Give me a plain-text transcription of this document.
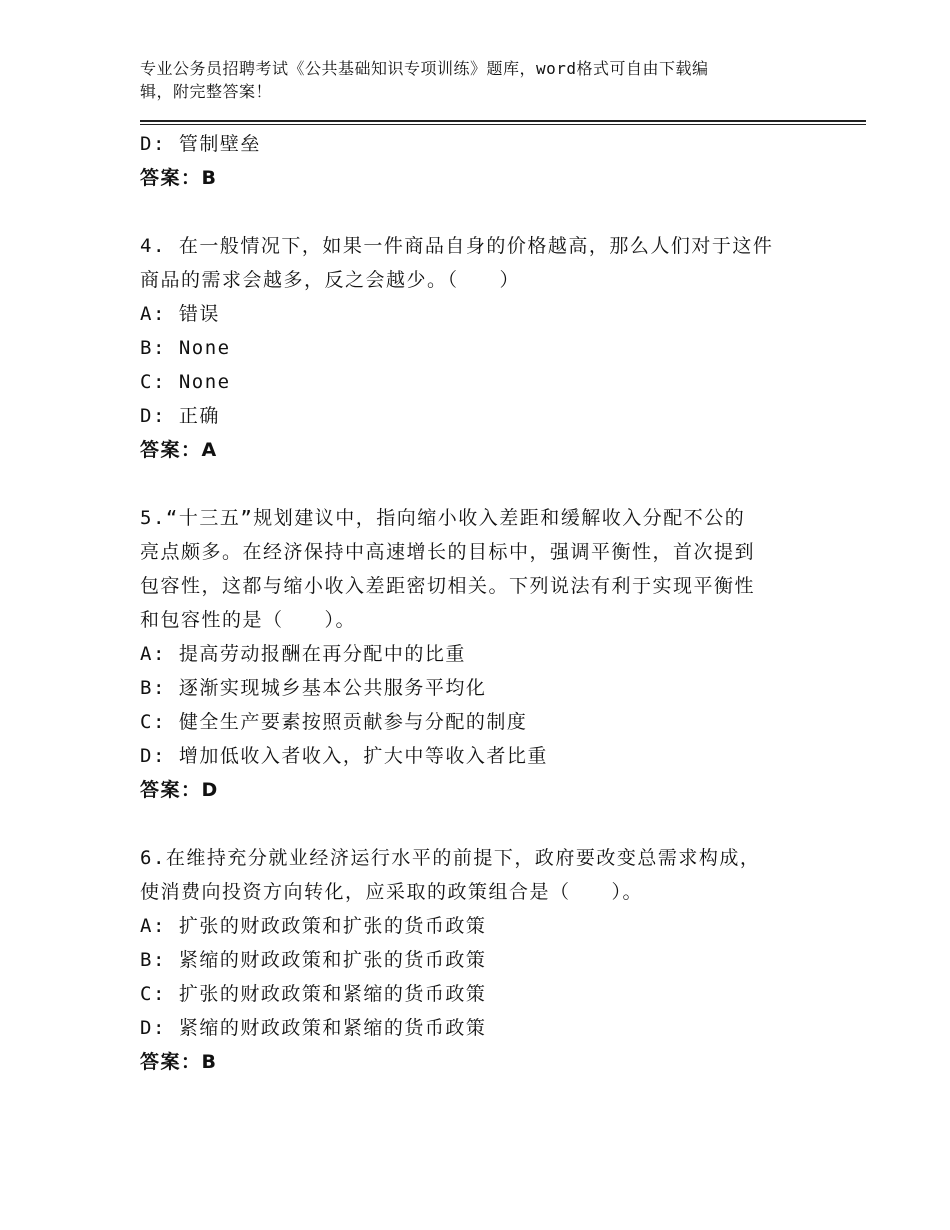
专业公务员招聘考试《公共基础知识专项训练》题库，word格式可自由下载编
辑，附完整答案！
D: 管制壁垒
答案：B
4. 在一般情况下，如果一件商品自身的价格越高，那么人们对于这件
商品的需求会越多，反之会越少。（　　）
A: 错误
B: None
C: None
D: 正确
答案：A
5.“十三五”规划建议中，指向缩小收入差距和缓解收入分配不公的
亮点颇多。在经济保持中高速增长的目标中，强调平衡性，首次提到
包容性，这都与缩小收入差距密切相关。下列说法有利于实现平衡性
和包容性的是（　　）。
A: 提高劳动报酬在再分配中的比重
B: 逐渐实现城乡基本公共服务平均化
C: 健全生产要素按照贡献参与分配的制度
D: 增加低收入者收入，扩大中等收入者比重
答案：D
6.在维持充分就业经济运行水平的前提下，政府要改变总需求构成，
使消费向投资方向转化，应采取的政策组合是（　　）。
A: 扩张的财政政策和扩张的货币政策
B: 紧缩的财政政策和扩张的货币政策
C: 扩张的财政政策和紧缩的货币政策
D: 紧缩的财政政策和紧缩的货币政策
答案：B
